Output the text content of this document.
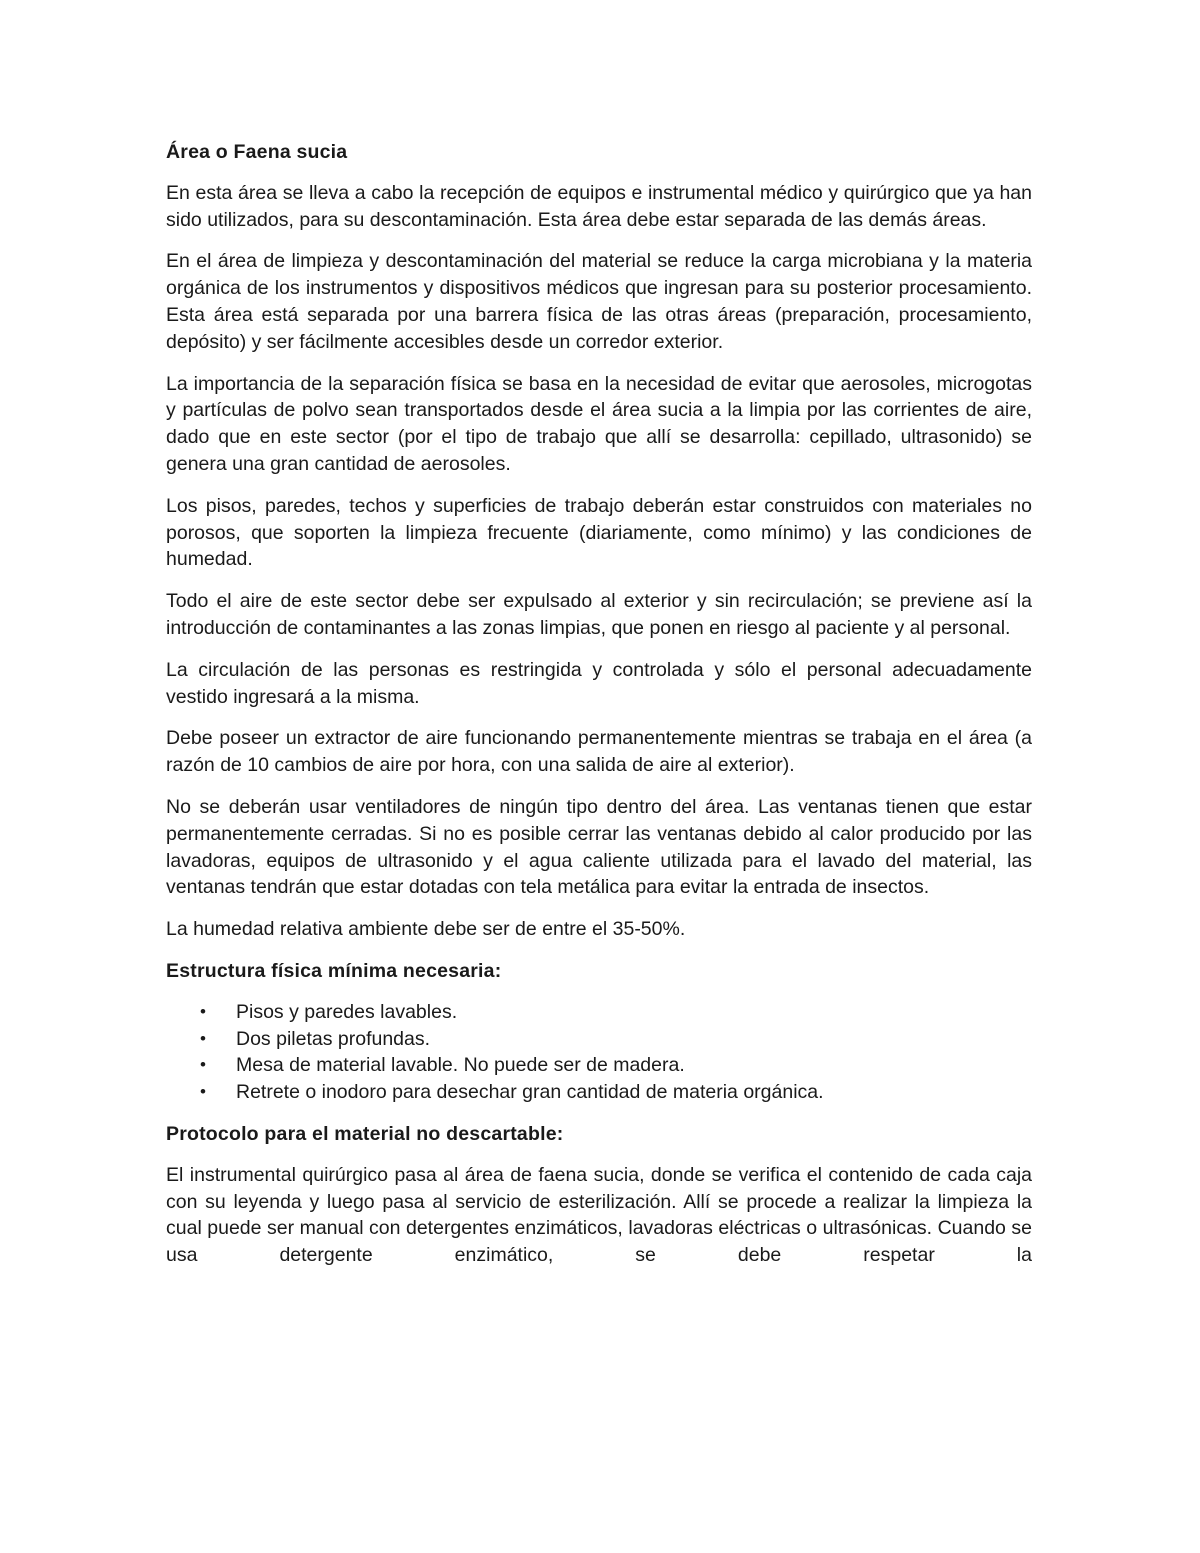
Área o Faena sucia

En esta área se lleva a cabo la recepción de equipos e instrumental médico y quirúrgico que ya han sido utilizados, para su descontaminación. Esta área debe estar separada de las demás áreas.

En el área de limpieza y descontaminación del material se reduce la carga microbiana y la materia orgánica de los instrumentos y dispositivos médicos que ingresan para su posterior procesamiento. Esta área está separada por una barrera física de las otras áreas (preparación, procesamiento, depósito) y ser fácilmente accesibles desde un corredor exterior.

La importancia de la separación física se basa en la necesidad de evitar que aerosoles, microgotas y partículas de polvo sean transportados desde el área sucia a la limpia por las corrientes de aire, dado que en este sector (por el tipo de trabajo que allí se desarrolla: cepillado, ultrasonido) se genera una gran cantidad de aerosoles.

Los pisos, paredes, techos y superficies de trabajo deberán estar construidos con materiales no porosos, que soporten la limpieza frecuente (diariamente, como mínimo) y las condiciones de humedad.

Todo el aire de este sector debe ser expulsado al exterior y sin recirculación; se previene así la introducción de contaminantes a las zonas limpias, que ponen en riesgo al paciente y al personal.

La circulación de las personas es restringida y controlada y sólo el personal adecuadamente vestido ingresará a la misma.

Debe poseer un extractor de aire funcionando permanentemente mientras se trabaja en el área (a razón de 10 cambios de aire por hora, con una salida de aire al exterior).

No se deberán usar ventiladores de ningún tipo dentro del área. Las ventanas tienen que estar permanentemente cerradas. Si no es posible cerrar las ventanas debido al calor producido por las lavadoras, equipos de ultrasonido y el agua caliente utilizada para el lavado del material, las ventanas tendrán que estar dotadas con tela metálica para evitar la entrada de insectos.

La humedad relativa ambiente debe ser de entre el 35-50%.

Estructura física mínima necesaria:
• Pisos y paredes lavables.
• Dos piletas profundas.
• Mesa de material lavable. No puede ser de madera.
• Retrete o inodoro para desechar gran cantidad de materia orgánica.
Protocolo para el material no descartable:

El instrumental quirúrgico pasa al área de faena sucia, donde se verifica el contenido de cada caja con su leyenda y luego pasa al servicio de esterilización. Allí se procede a realizar la limpieza la cual puede ser manual con detergentes enzimáticos, lavadoras eléctricas o ultrasónicas. Cuando se usa detergente enzimático, se debe respetar la
